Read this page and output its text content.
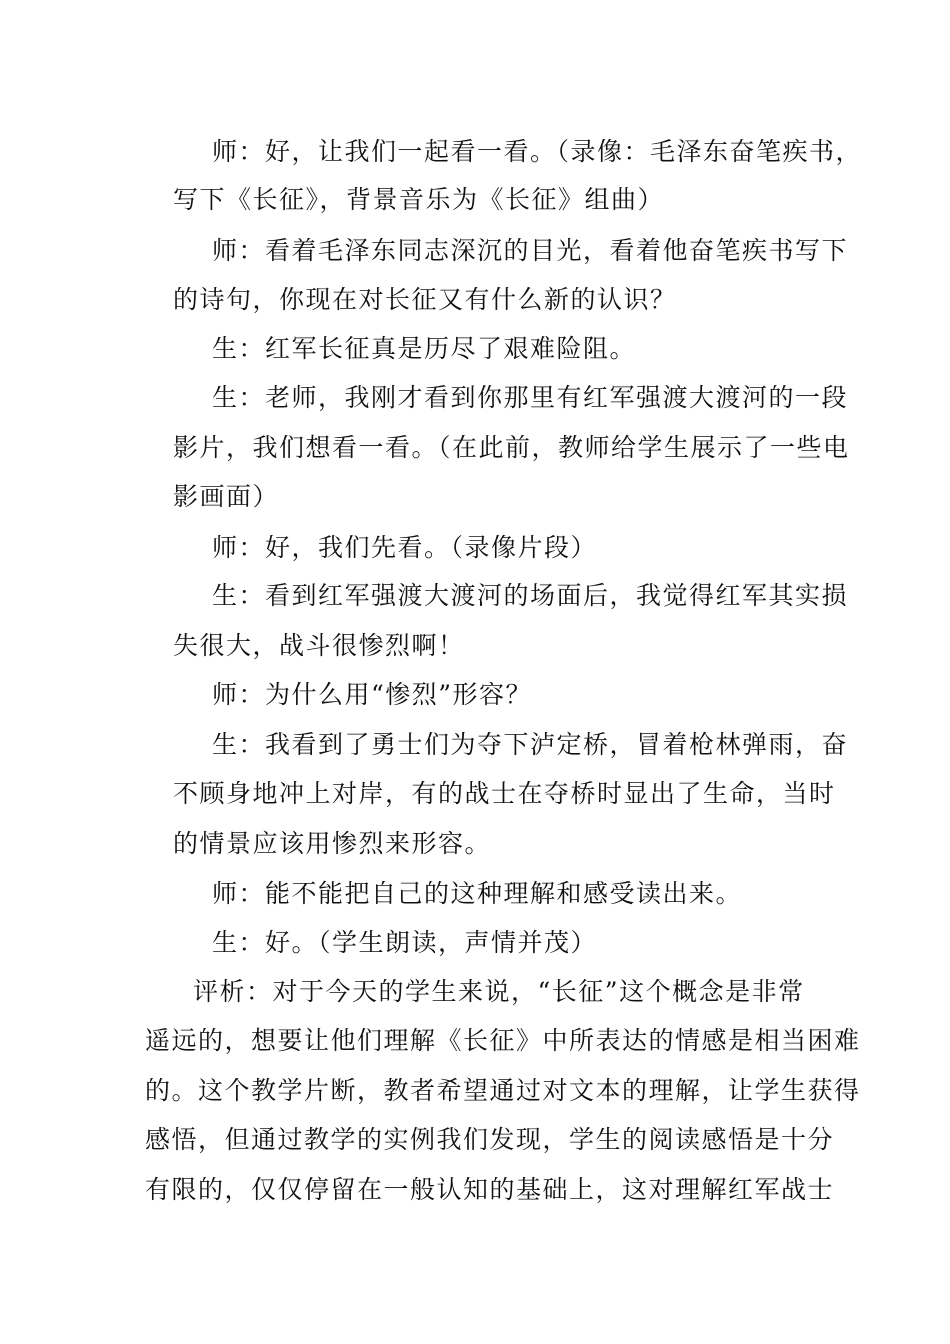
师：好，让我们一起看一看。（录像：毛泽东奋笔疾书，
写下《长征》，背景音乐为《长征》组曲）
师：看着毛泽东同志深沉的目光，看着他奋笔疾书写下
的诗句，你现在对长征又有什么新的认识？
生：红军长征真是历尽了艰难险阻。
生：老师，我刚才看到你那里有红军强渡大渡河的一段
影片，我们想看一看。（在此前，教师给学生展示了一些电
影画面）
师：好，我们先看。（录像片段）
生：看到红军强渡大渡河的场面后，我觉得红军其实损
失很大，战斗很惨烈啊！
师：为什么用“惨烈”形容？
生：我看到了勇士们为夺下泸定桥，冒着枪林弹雨，奋
不顾身地冲上对岸，有的战士在夺桥时显出了生命，当时
的情景应该用惨烈来形容。
师：能不能把自己的这种理解和感受读出来。
生：好。（学生朗读，声情并茂）
评析：对于今天的学生来说，“长征”这个概念是非常
遥远的，想要让他们理解《长征》中所表达的情感是相当困难
的。这个教学片断，教者希望通过对文本的理解，让学生获得
感悟，但通过教学的实例我们发现，学生的阅读感悟是十分
有限的，仅仅停留在一般认知的基础上，这对理解红军战士
